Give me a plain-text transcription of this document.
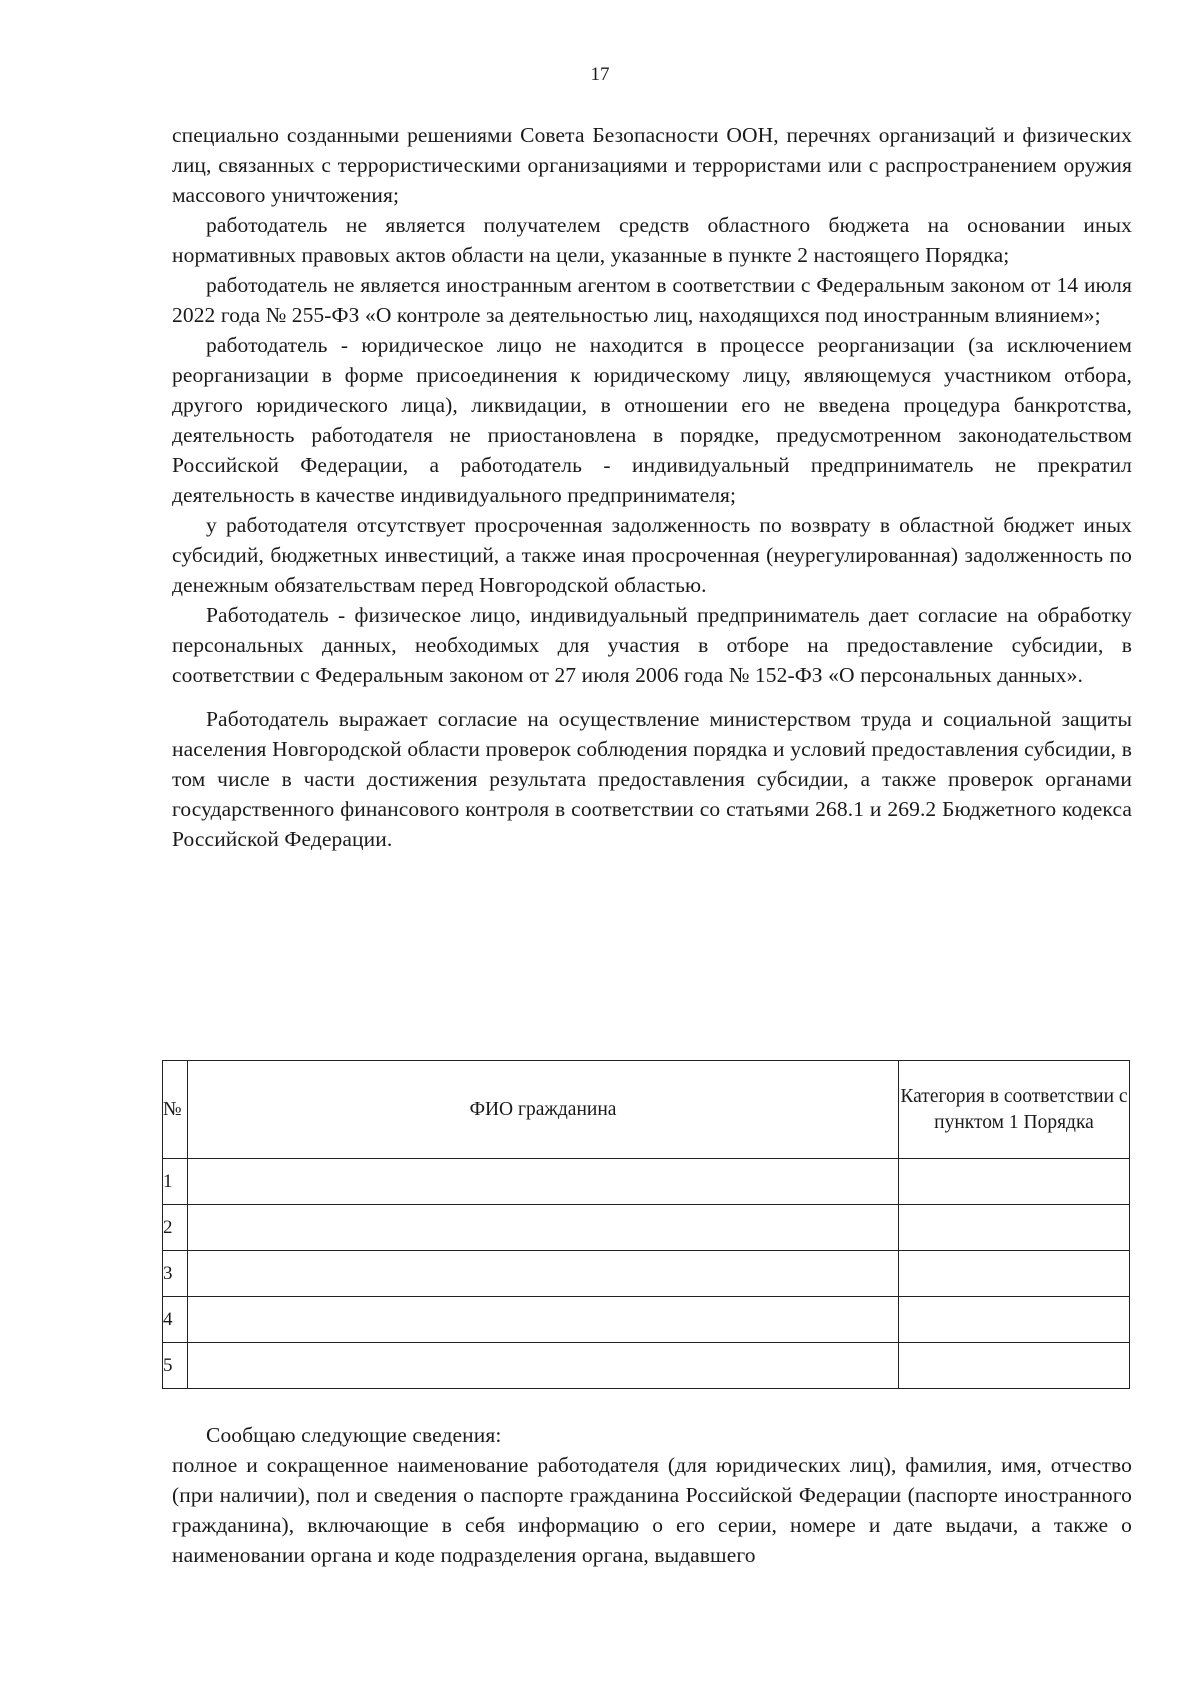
17

специально созданными решениями Совета Безопасности ООН, перечнях организаций и физических лиц, связанных с террористическими организациями и террористами или с распространением оружия массового уничтожения;

работодатель не является получателем средств областного бюджета на основании иных нормативных правовых актов области на цели, указанные в пункте 2 настоящего Порядка;

работодатель не является иностранным агентом в соответствии с Федеральным законом от 14 июля 2022 года № 255-ФЗ «О контроле за деятельностью лиц, находящихся под иностранным влиянием»;

работодатель - юридическое лицо не находится в процессе реорганизации (за исключением реорганизации в форме присоединения к юридическому лицу, являющемуся участником отбора, другого юридического лица), ликвидации, в отношении его не введена процедура банкротства, деятельность работодателя не приостановлена в порядке, предусмотренном законодательством Российской Федерации, а работодатель - индивидуальный предприниматель не прекратил деятельность в качестве индивидуального предпринимателя;

у работодателя отсутствует просроченная задолженность по возврату в областной бюджет иных субсидий, бюджетных инвестиций, а также иная просроченная (неурегулированная) задолженность по денежным обязательствам перед Новгородской областью.

Работодатель - физическое лицо, индивидуальный предприниматель дает согласие на обработку персональных данных, необходимых для участия в отборе на предоставление субсидии, в соответствии с Федеральным законом от 27 июля 2006 года № 152-ФЗ «О персональных данных».

Работодатель выражает согласие на осуществление министерством труда и социальной защиты населения Новгородской области проверок соблюдения порядка и условий предоставления субсидии, в том числе в части достижения результата предоставления субсидии, а также проверок органами государственного финансового контроля в соответствии со статьями 268.1 и 269.2 Бюджетного кодекса Российской Федерации.

№	ФИО гражданина	Категория в соответствии с пунктом 1 Порядка
1		
2		
3		
4		
5		

Сообщаю следующие сведения:

полное и сокращенное наименование работодателя (для юридических лиц), фамилия, имя, отчество (при наличии), пол и сведения о паспорте гражданина Российской Федерации (паспорте иностранного гражданина), включающие в себя информацию о его серии, номере и дате выдачи, а также о наименовании органа и коде подразделения органа, выдавшего
